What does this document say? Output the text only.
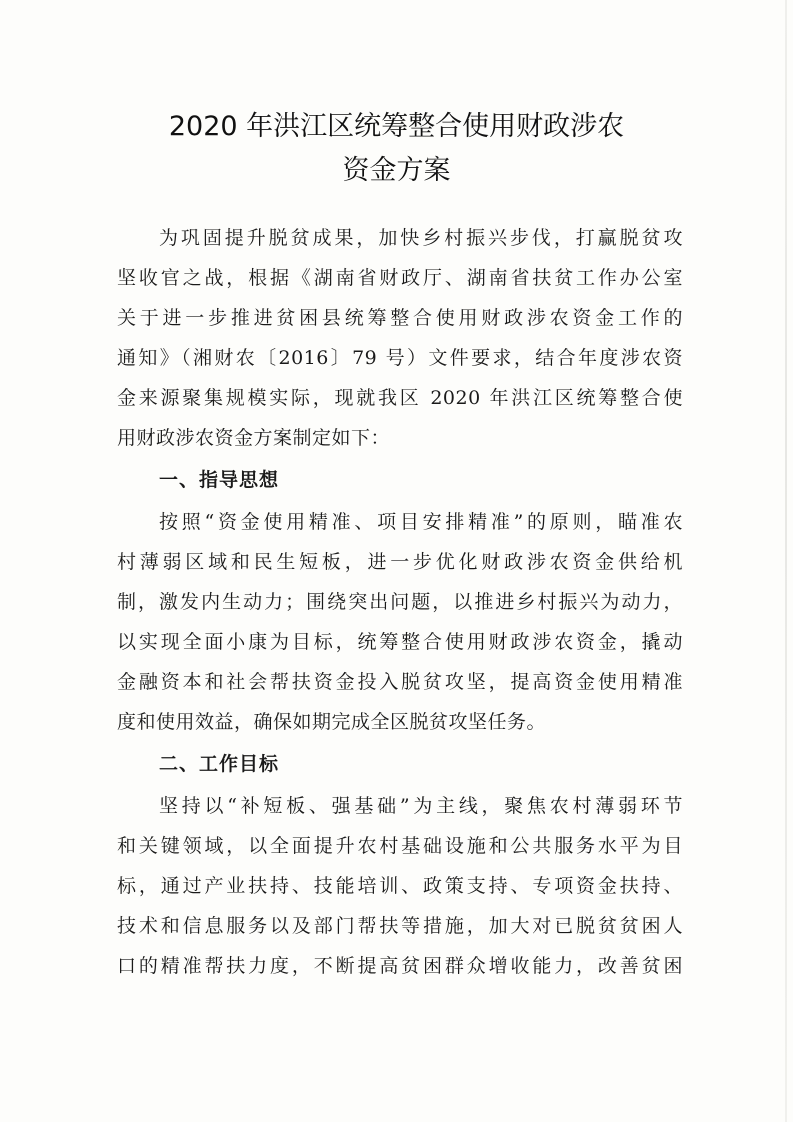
2020 年洪江区统筹整合使用财政涉农
资金方案
为巩固提升脱贫成果，加快乡村振兴步伐，打赢脱贫攻
坚收官之战，根据《湖南省财政厅、湖南省扶贫工作办公室
关于进一步推进贫困县统筹整合使用财政涉农资金工作的
通知》（湘财农〔2016〕79 号）文件要求，结合年度涉农资
金来源聚集规模实际，现就我区 2020 年洪江区统筹整合使
用财政涉农资金方案制定如下：
一、指导思想
按照“资金使用精准、项目安排精准”的原则，瞄准农
村薄弱区域和民生短板，进一步优化财政涉农资金供给机
制，激发内生动力；围绕突出问题，以推进乡村振兴为动力，
以实现全面小康为目标，统筹整合使用财政涉农资金，撬动
金融资本和社会帮扶资金投入脱贫攻坚，提高资金使用精准
度和使用效益，确保如期完成全区脱贫攻坚任务。
二、工作目标
坚持以“补短板、强基础”为主线，聚焦农村薄弱环节
和关键领域，以全面提升农村基础设施和公共服务水平为目
标，通过产业扶持、技能培训、政策支持、专项资金扶持、
技术和信息服务以及部门帮扶等措施，加大对已脱贫贫困人
口的精准帮扶力度，不断提高贫困群众增收能力，改善贫困
